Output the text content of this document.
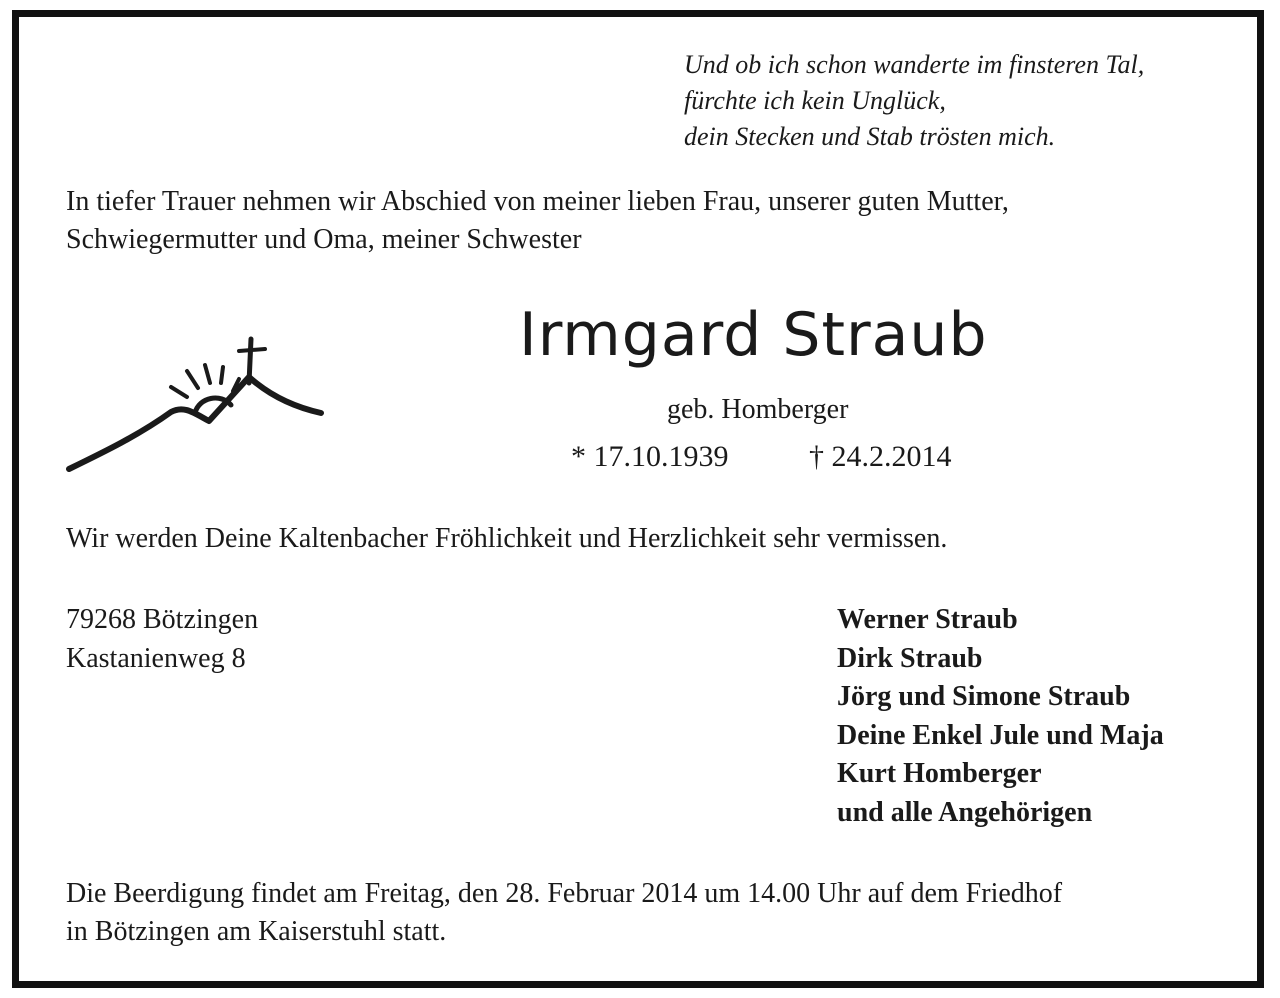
Und ob ich schon wanderte im finsteren Tal,
fürchte ich kein Unglück,
dein Stecken und Stab trösten mich.
In tiefer Trauer nehmen wir Abschied von meiner lieben Frau, unserer guten Mutter,
Schwiegermutter und Oma, meiner Schwester
Irmgard Straub
geb. Homberger
* 17.10.1939	† 24.2.2014
Wir werden Deine Kaltenbacher Fröhlichkeit und Herzlichkeit sehr vermissen.
79268 Bötzingen
Kastanienweg 8
Werner Straub
Dirk Straub
Jörg und Simone Straub
Deine Enkel Jule und Maja
Kurt Homberger
und alle Angehörigen
Die Beerdigung findet am Freitag, den 28. Februar 2014 um 14.00 Uhr auf dem Friedhof
in Bötzingen am Kaiserstuhl statt.
